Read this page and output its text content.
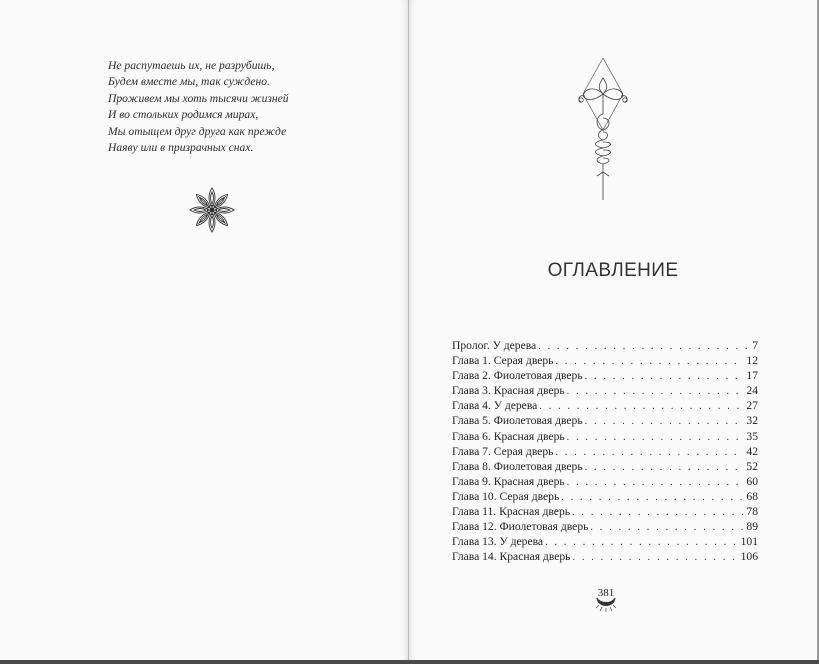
Не распутаешь их, не разрубишь,
Будем вместе мы, так суждено.
Проживем мы хоть тысячи жизней
И во стольких родимся мирах,
Мы отыщем друг друга как прежде
Наяву или в призрачных снах.
ОГЛАВЛЕНИЕ
Пролог. У дерева . . .	7
Глава 1. Серая дверь . . .	12
Глава 2. Фиолетовая дверь . . .	17
Глава 3. Красная дверь . . .	24
Глава 4. У дерева . . .	27
Глава 5. Фиолетовая дверь . . .	32
Глава 6. Красная дверь . . .	35
Глава 7. Серая дверь . . .	42
Глава 8. Фиолетовая дверь . . .	52
Глава 9. Красная дверь . . .	60
Глава 10. Серая дверь . . .	68
Глава 11. Красная дверь . . .	78
Глава 12. Фиолетовая дверь . . .	89
Глава 13. У дерева . . .	101
Глава 14. Красная дверь . . .	106
381
